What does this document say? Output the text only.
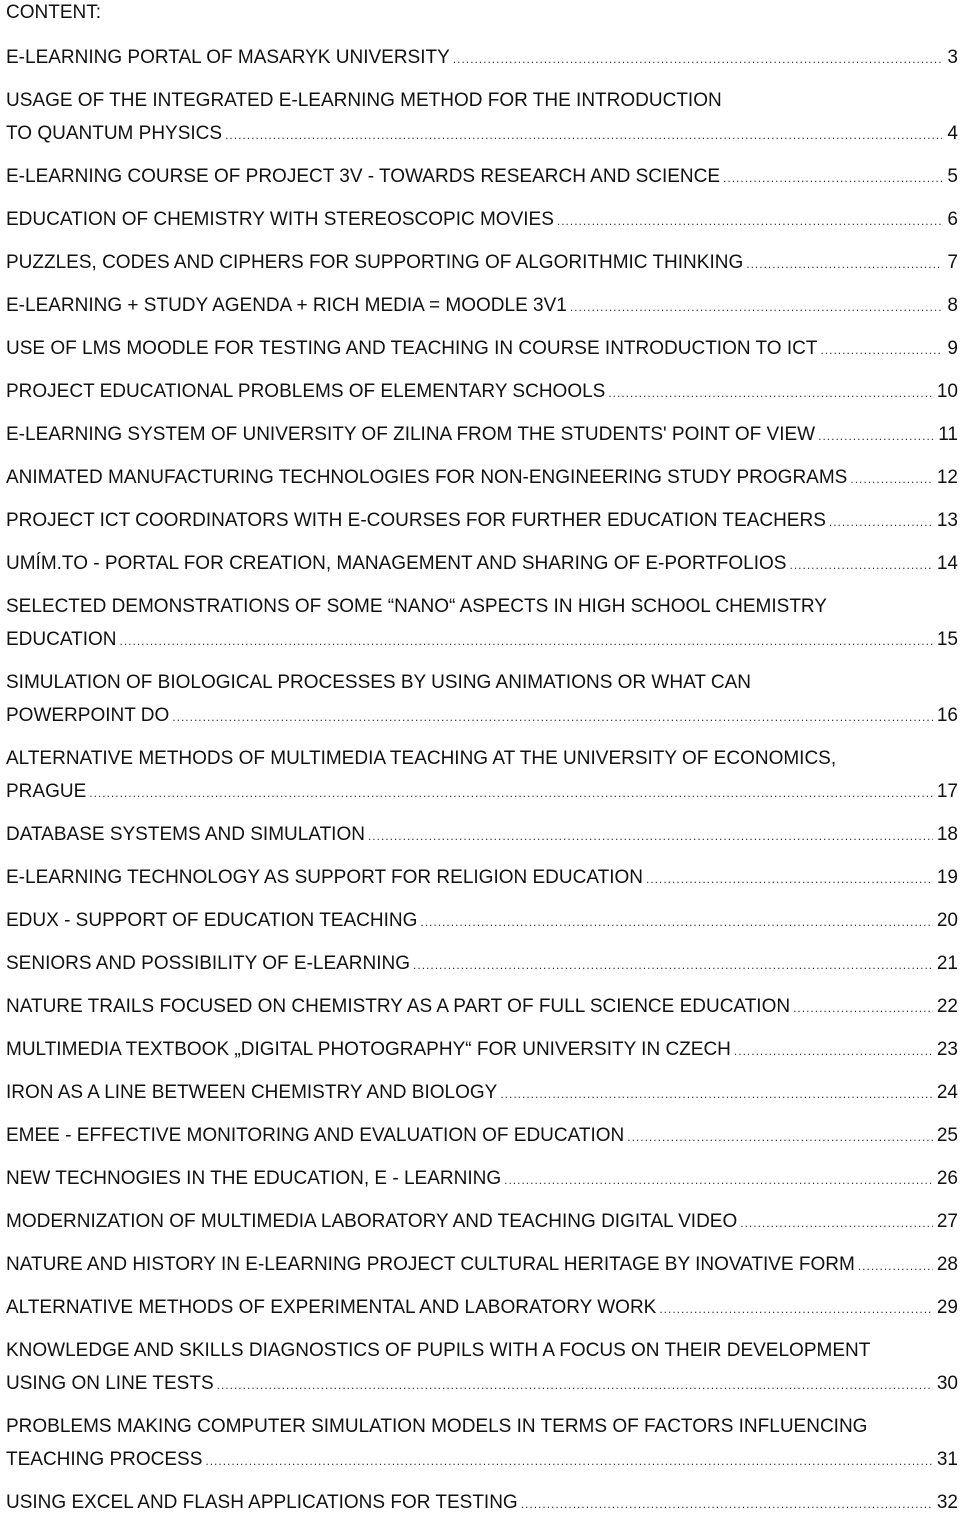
CONTENT:
E-LEARNING PORTAL OF MASARYK UNIVERSITY .....	3
USAGE OF THE INTEGRATED E-LEARNING METHOD FOR THE INTRODUCTION
TO QUANTUM PHYSICS .....	4
E-LEARNING COURSE OF PROJECT 3V - TOWARDS RESEARCH AND SCIENCE .....	5
EDUCATION OF CHEMISTRY WITH STEREOSCOPIC MOVIES .....	6
PUZZLES, CODES AND CIPHERS FOR SUPPORTING OF ALGORITHMIC THINKING .....	7
E-LEARNING + STUDY AGENDA + RICH MEDIA = MOODLE 3V1 .....	8
USE OF LMS MOODLE FOR TESTING AND TEACHING IN COURSE INTRODUCTION TO ICT .....	9
PROJECT EDUCATIONAL PROBLEMS OF ELEMENTARY SCHOOLS .....	10
E-LEARNING SYSTEM OF UNIVERSITY OF ZILINA FROM THE STUDENTS' POINT OF VIEW .....	11
ANIMATED MANUFACTURING TECHNOLOGIES FOR NON-ENGINEERING STUDY PROGRAMS .....	12
PROJECT ICT COORDINATORS WITH E-COURSES FOR FURTHER EDUCATION TEACHERS .....	13
UMÍM.TO - PORTAL FOR CREATION, MANAGEMENT AND SHARING OF E-PORTFOLIOS .....	14
SELECTED DEMONSTRATIONS OF SOME “NANO“ ASPECTS IN HIGH SCHOOL CHEMISTRY
EDUCATION .....	15
SIMULATION OF BIOLOGICAL PROCESSES BY USING ANIMATIONS OR WHAT CAN
POWERPOINT DO .....	16
ALTERNATIVE METHODS OF MULTIMEDIA TEACHING AT THE UNIVERSITY OF ECONOMICS,
PRAGUE .....	17
DATABASE SYSTEMS AND SIMULATION .....	18
E-LEARNING TECHNOLOGY AS SUPPORT FOR RELIGION EDUCATION .....	19
EDUX - SUPPORT OF EDUCATION TEACHING .....	20
SENIORS AND POSSIBILITY OF E-LEARNING .....	21
NATURE TRAILS FOCUSED ON CHEMISTRY AS A PART OF FULL SCIENCE EDUCATION .....	22
MULTIMEDIA TEXTBOOK „DIGITAL PHOTOGRAPHY“ FOR UNIVERSITY IN CZECH .....	23
IRON AS A LINE BETWEEN CHEMISTRY AND BIOLOGY .....	24
EMEE - EFFECTIVE MONITORING AND EVALUATION OF EDUCATION .....	25
NEW TECHNOGIES IN THE EDUCATION, E - LEARNING .....	26
MODERNIZATION OF MULTIMEDIA LABORATORY AND TEACHING DIGITAL VIDEO .....	27
NATURE AND HISTORY IN E-LEARNING PROJECT CULTURAL HERITAGE BY INOVATIVE FORM .....	28
ALTERNATIVE METHODS OF EXPERIMENTAL AND LABORATORY WORK .....	29
KNOWLEDGE AND SKILLS DIAGNOSTICS OF PUPILS WITH A FOCUS ON THEIR DEVELOPMENT
USING ON LINE TESTS .....	30
PROBLEMS MAKING COMPUTER SIMULATION MODELS IN TERMS OF FACTORS INFLUENCING
TEACHING PROCESS .....	31
USING EXCEL AND FLASH APPLICATIONS FOR TESTING .....	32
